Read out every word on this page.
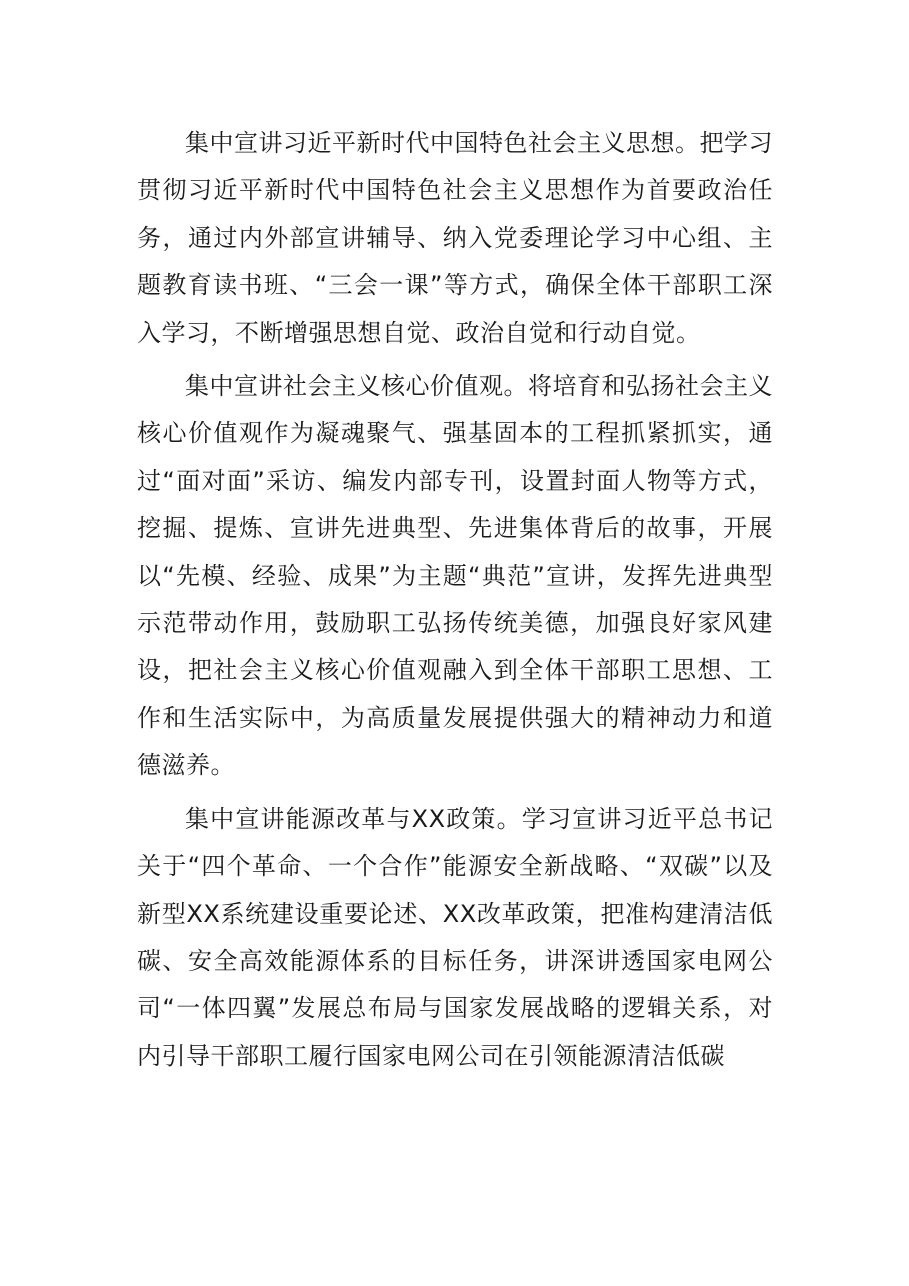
集中宣讲习近平新时代中国特色社会主义思想。把学习贯彻习近平新时代中国特色社会主义思想作为首要政治任务，通过内外部宣讲辅导、纳入党委理论学习中心组、主题教育读书班、“三会一课”等方式，确保全体干部职工深入学习，不断增强思想自觉、政治自觉和行动自觉。

集中宣讲社会主义核心价值观。将培育和弘扬社会主义核心价值观作为凝魂聚气、强基固本的工程抓紧抓实，通过“面对面”采访、编发内部专刊，设置封面人物等方式，挖掘、提炼、宣讲先进典型、先进集体背后的故事，开展以“先模、经验、成果”为主题“典范”宣讲，发挥先进典型示范带动作用，鼓励职工弘扬传统美德，加强良好家风建设，把社会主义核心价值观融入到全体干部职工思想、工作和生活实际中，为高质量发展提供强大的精神动力和道德滋养。

集中宣讲能源改革与XX政策。学习宣讲习近平总书记关于“四个革命、一个合作”能源安全新战略、“双碳”以及新型XX系统建设重要论述、XX改革政策，把准构建清洁低碳、安全高效能源体系的目标任务，讲深讲透国家电网公司“一体四翼”发展总布局与国家发展战略的逻辑关系，对内引导干部职工履行国家电网公司在引领能源清洁低碳
